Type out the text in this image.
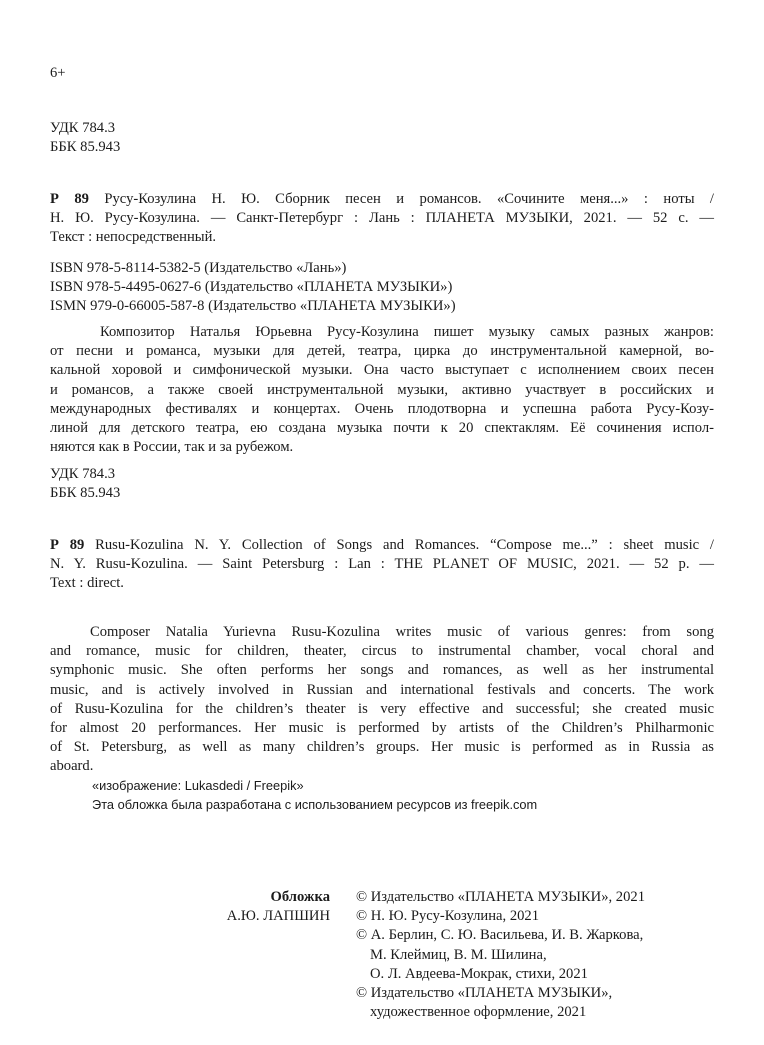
6+
УДК 784.3
ББК 85.943
Р 89 Русу-Козулина Н. Ю. Сборник песен и романсов. «Сочините меня...» : ноты /
Н. Ю. Русу-Козулина. — Санкт-Петербург : Лань : ПЛАНЕТА МУЗЫКИ, 2021. — 52 с. —
Текст : непосредственный.
ISBN 978-5-8114-5382-5 (Издательство «Лань»)
ISBN 978-5-4495-0627-6 (Издательство «ПЛАНЕТА МУЗЫКИ»)
ISMN 979-0-66005-587-8 (Издательство «ПЛАНЕТА МУЗЫКИ»)
Композитор Наталья Юрьевна Русу-Козулина пишет музыку самых разных жанров:
от песни и романса, музыки для детей, театра, цирка до инструментальной камерной, во-
кальной хоровой и симфонической музыки. Она часто выступает с исполнением своих песен
и романсов, а также своей инструментальной музыки, активно участвует в российских и
международных фестивалях и концертах. Очень плодотворна и успешна работа Русу-Козу-
линой для детского театра, ею создана музыка почти к 20 спектаклям. Её сочинения испол-
няются как в России, так и за рубежом.
УДК 784.3
ББК 85.943
Р 89 Rusu-Kozulina N. Y. Collection of Songs and Romances. “Compose me...” : sheet music /
N. Y. Rusu-Kozulina. — Saint Petersburg : Lan : THE PLANET OF MUSIC, 2021. — 52 p. —
Text : direct.
Composer Natalia Yurievna Rusu-Kozulina writes music of various genres: from song
and romance, music for children, theater, circus to instrumental chamber, vocal choral and
symphonic music. She often performs her songs and romances, as well as her instrumental
music, and is actively involved in Russian and international festivals and concerts. The work
of Rusu-Kozulina for the children’s theater is very effective and successful; she created music
for almost 20 performances. Her music is performed by artists of the Children’s Philharmonic
of St. Petersburg, as well as many children’s groups. Her music is performed as in Russia as
aboard.
«изображение: Lukasdedi / Freepik»
Эта обложка была разработана с использованием ресурсов из freepik.com
Обложка
А.Ю. ЛАПШИН
© Издательство «ПЛАНЕТА МУЗЫКИ», 2021
© Н. Ю. Русу-Козулина, 2021
© А. Берлин, С. Ю. Васильева, И. В. Жаркова,
М. Клеймиц, В. М. Шилина,
О. Л. Авдеева-Мокрак, стихи, 2021
© Издательство «ПЛАНЕТА МУЗЫКИ»,
художественное оформление, 2021
